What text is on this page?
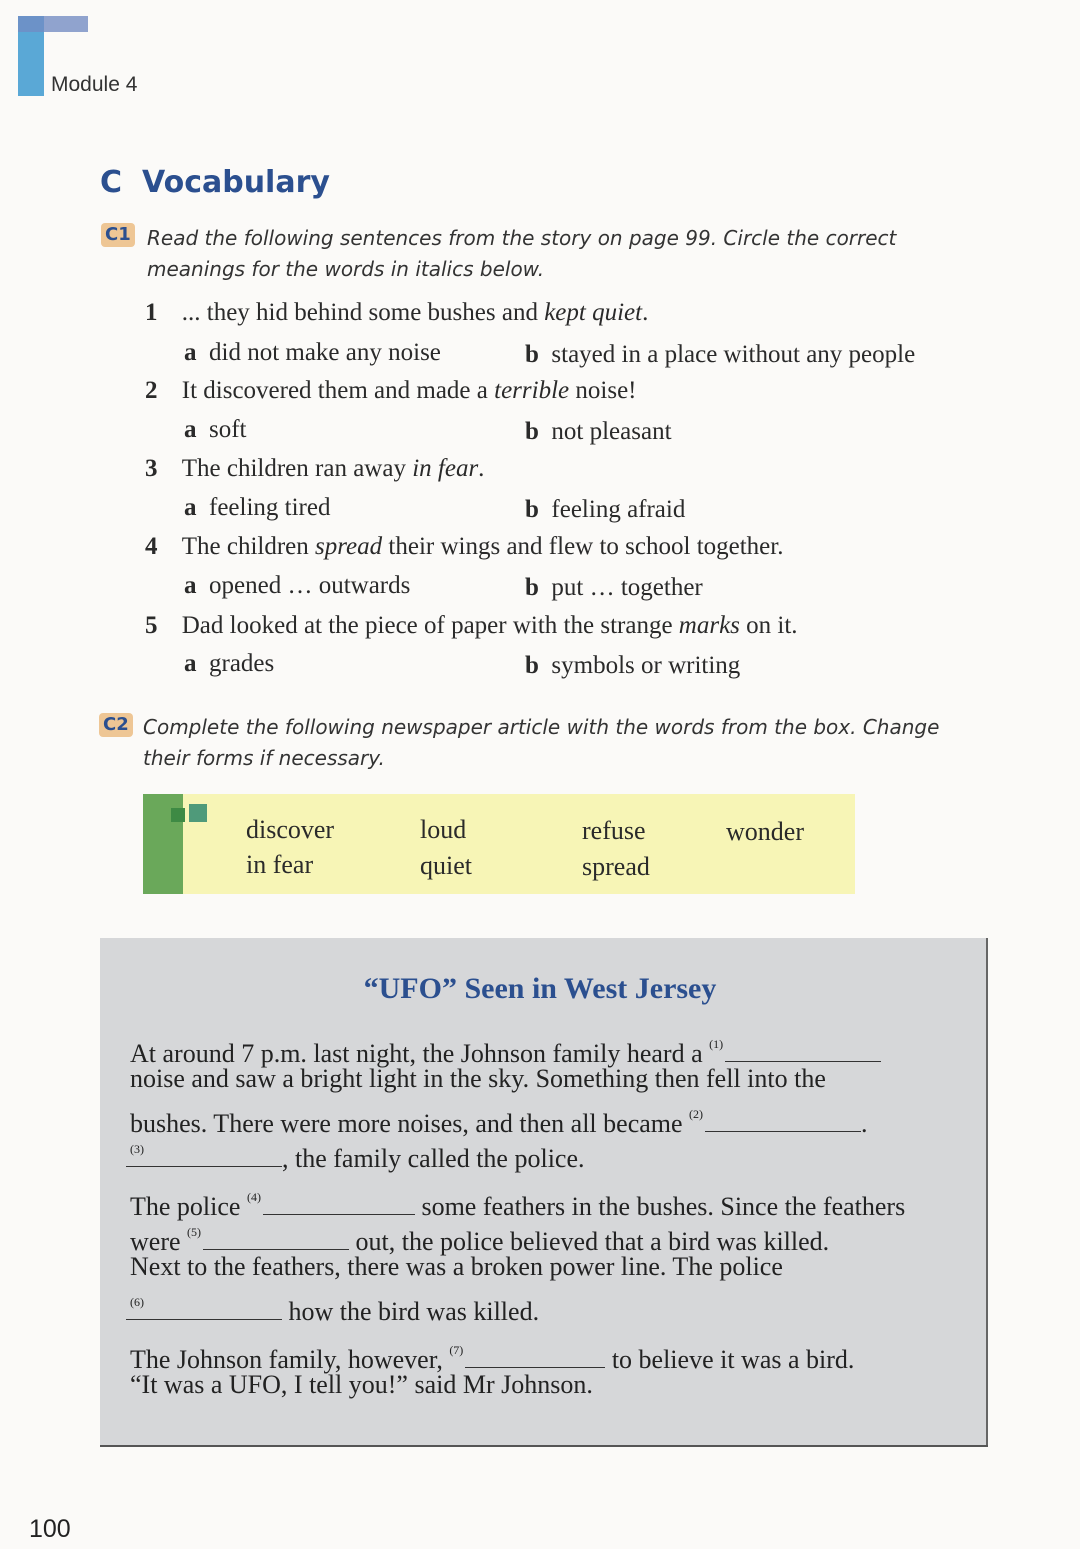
Module 4
C Vocabulary
C1 Read the following sentences from the story on page 99. Circle the correct
meanings for the words in italics below.
1 ... they hid behind some bushes and kept quiet.
a did not make any noise	b stayed in a place without any people
2 It discovered them and made a terrible noise!
a soft	b not pleasant
3 The children ran away in fear.
a feeling tired	b feeling afraid
4 The children spread their wings and flew to school together.
a opened … outwards	b put … together
5 Dad looked at the piece of paper with the strange marks on it.
a grades	b symbols or writing
C2 Complete the following newspaper article with the words from the box. Change
their forms if necessary.
discover	loud	refuse	wonder
in fear	quiet	spread
“UFO” Seen in West Jersey
At around 7 p.m. last night, the Johnson family heard a $^{(1)}$
noise and saw a bright light in the sky. Something then fell into the
bushes. There were more noises, and then all became $^{(2)}$	.
$^{(3)}$	, the family called the police.
The police $^{(4)}$	some feathers in the bushes. Since the feathers
were $^{(5)}$	out, the police believed that a bird was killed.
Next to the feathers, there was a broken power line. The police
$^{(6)}$	how the bird was killed.
The Johnson family, however, $^{(7)}$	to believe it was a bird.
“It was a UFO, I tell you!” said Mr Johnson.
100
